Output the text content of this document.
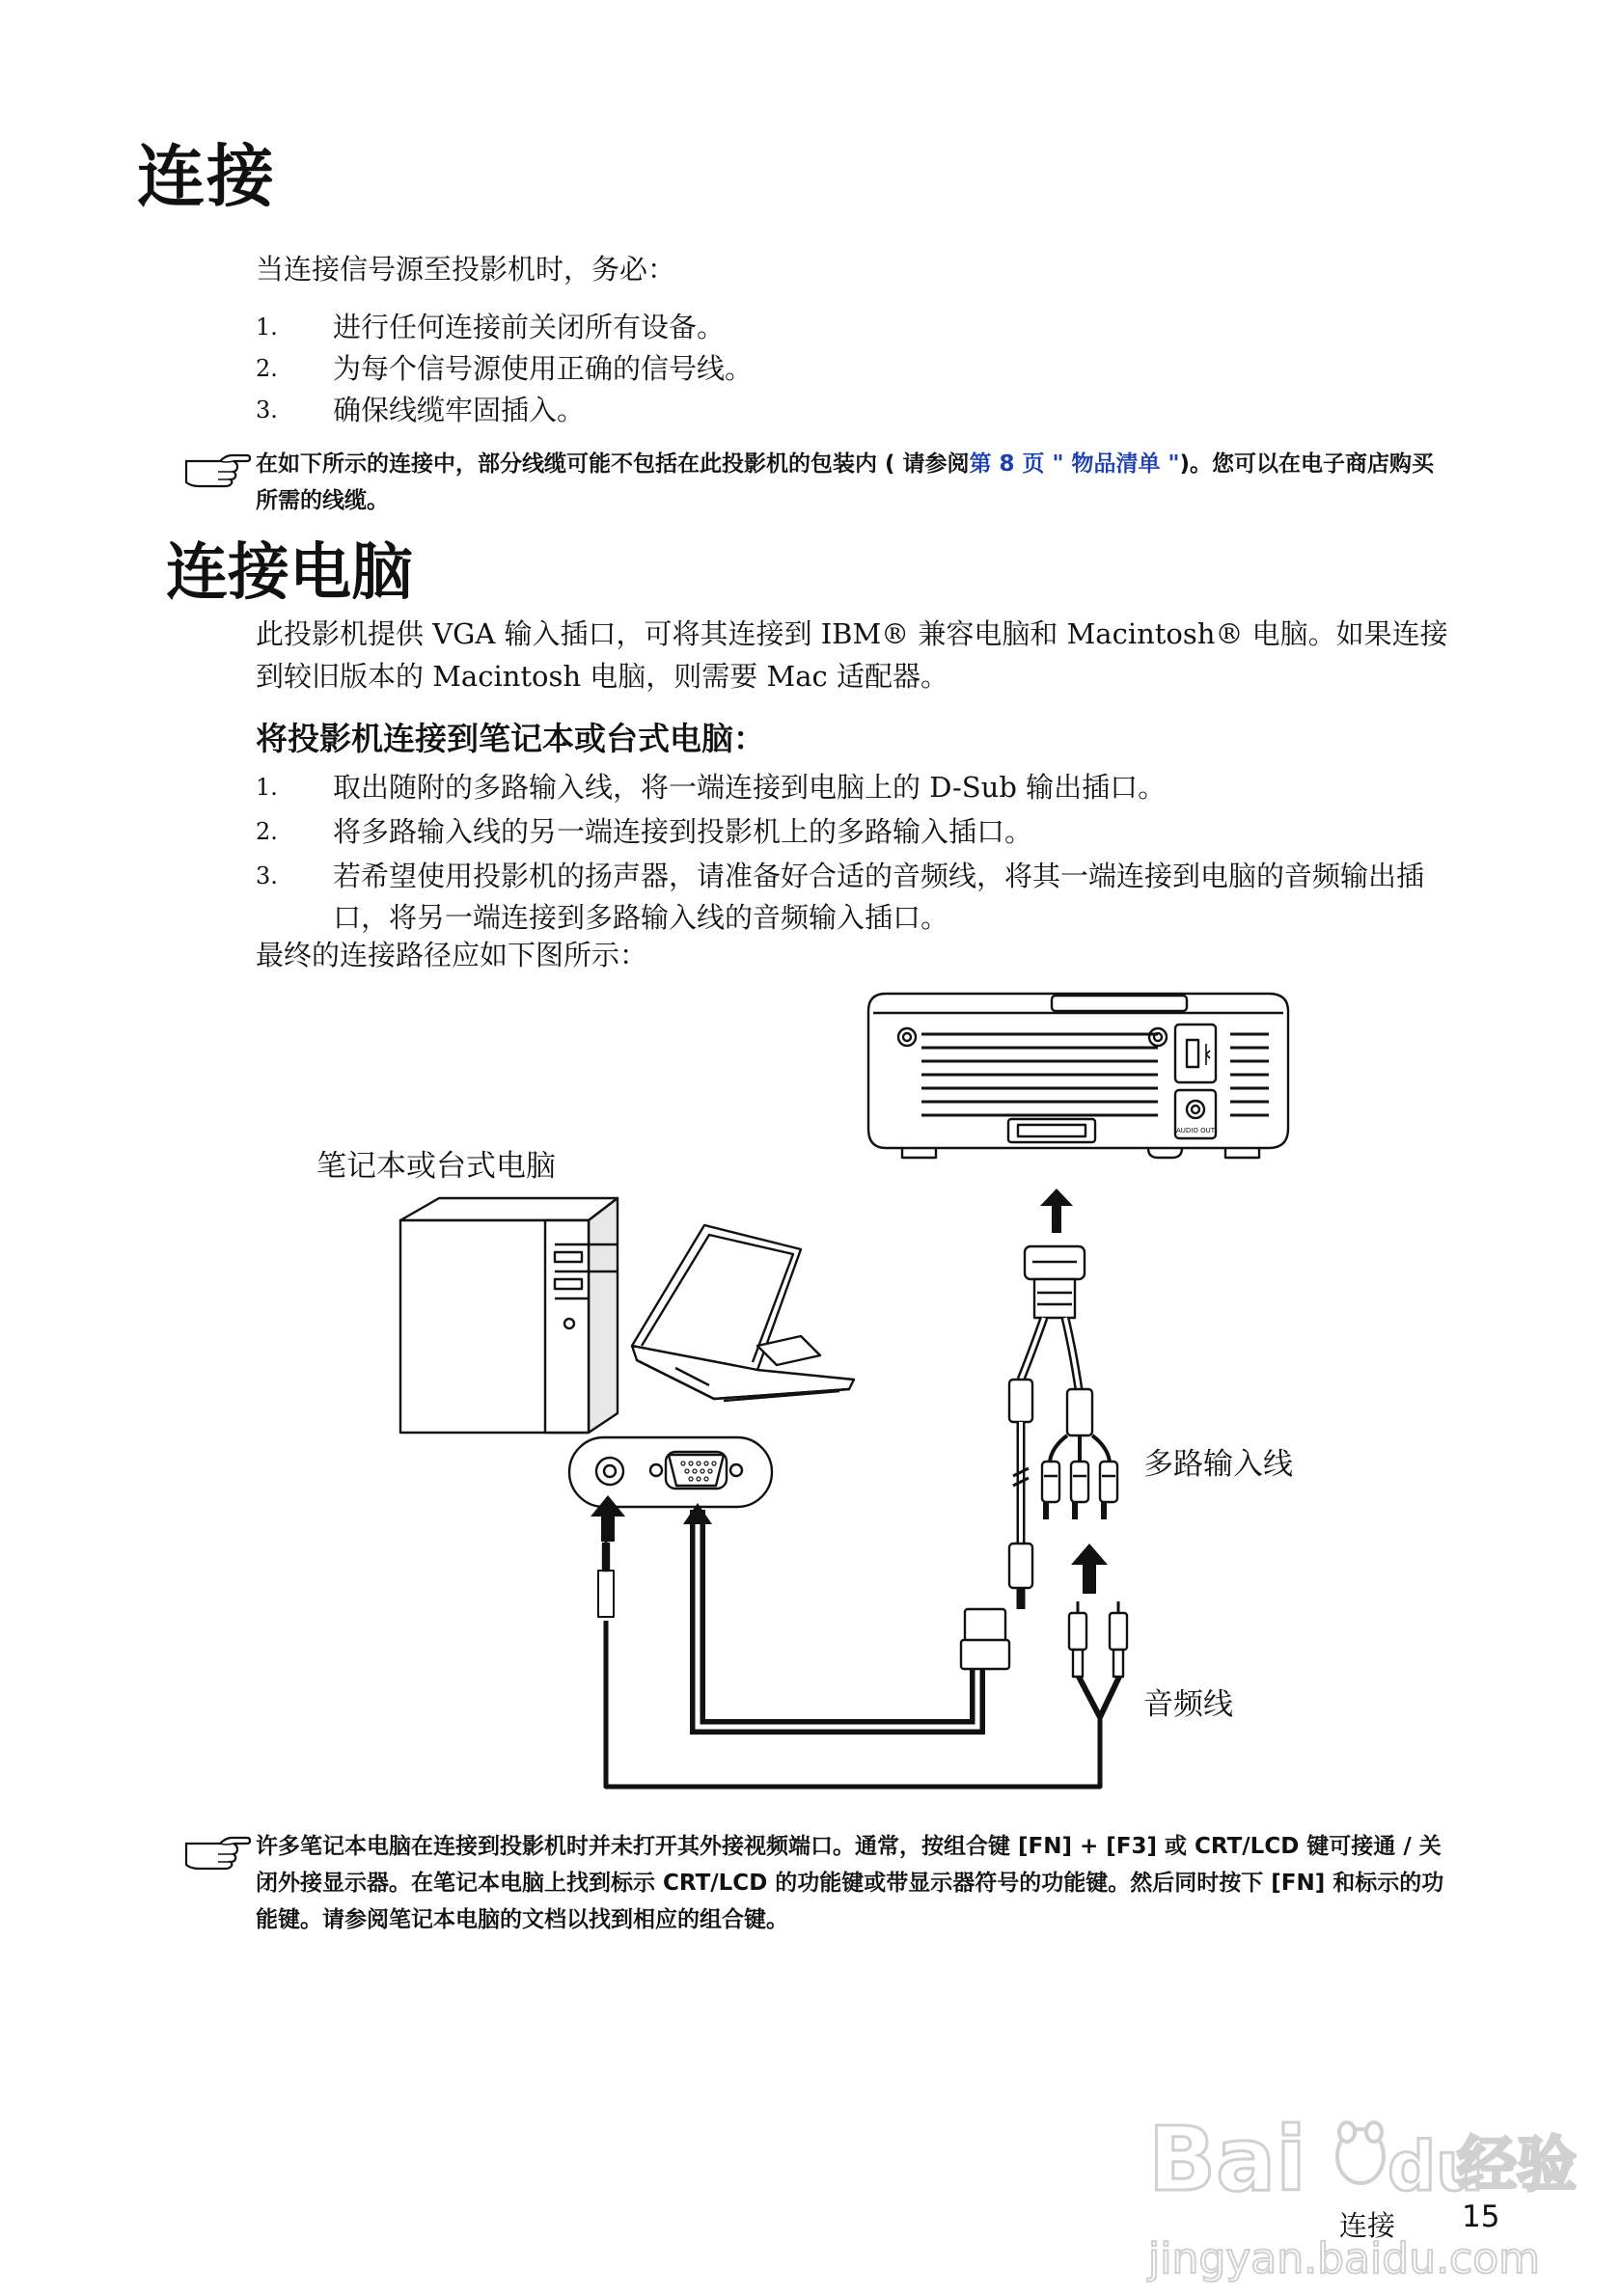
连接
当连接信号源至投影机时，务必：
1. 进行任何连接前关闭所有设备。
2. 为每个信号源使用正确的信号线。
3. 确保线缆牢固插入。
在如下所示的连接中，部分线缆可能不包括在此投影机的包装内 ( 请参阅第 8 页 " 物品清单 ")。您可以在电子商店购买所需的线缆。
连接电脑
此投影机提供 VGA 输入插口，可将其连接到 IBM® 兼容电脑和 Macintosh® 电脑。如果连接到较旧版本的 Macintosh 电脑，则需要 Mac 适配器。
将投影机连接到笔记本或台式电脑：
1. 取出随附的多路输入线，将一端连接到电脑上的 D-Sub 输出插口。
2. 将多路输入线的另一端连接到投影机上的多路输入插口。
3. 若希望使用投影机的扬声器，请准备好合适的音频线，将其一端连接到电脑的音频输出插口，将另一端连接到多路输入线的音频输入插口。
最终的连接路径应如下图所示：
AUDIO OUT
笔记本或台式电脑
多路输入线
音频线
许多笔记本电脑在连接到投影机时并未打开其外接视频端口。通常，按组合键 [FN] + [F3] 或 CRT/LCD 键可接通 / 关闭外接显示器。在笔记本电脑上找到标示 CRT/LCD 的功能键或带显示器符号的功能键。然后同时按下 [FN] 和标示的功能键。请参阅笔记本电脑的文档以找到相应的组合键。
Bai du
经验
jingyan.baidu.com
连接 15
